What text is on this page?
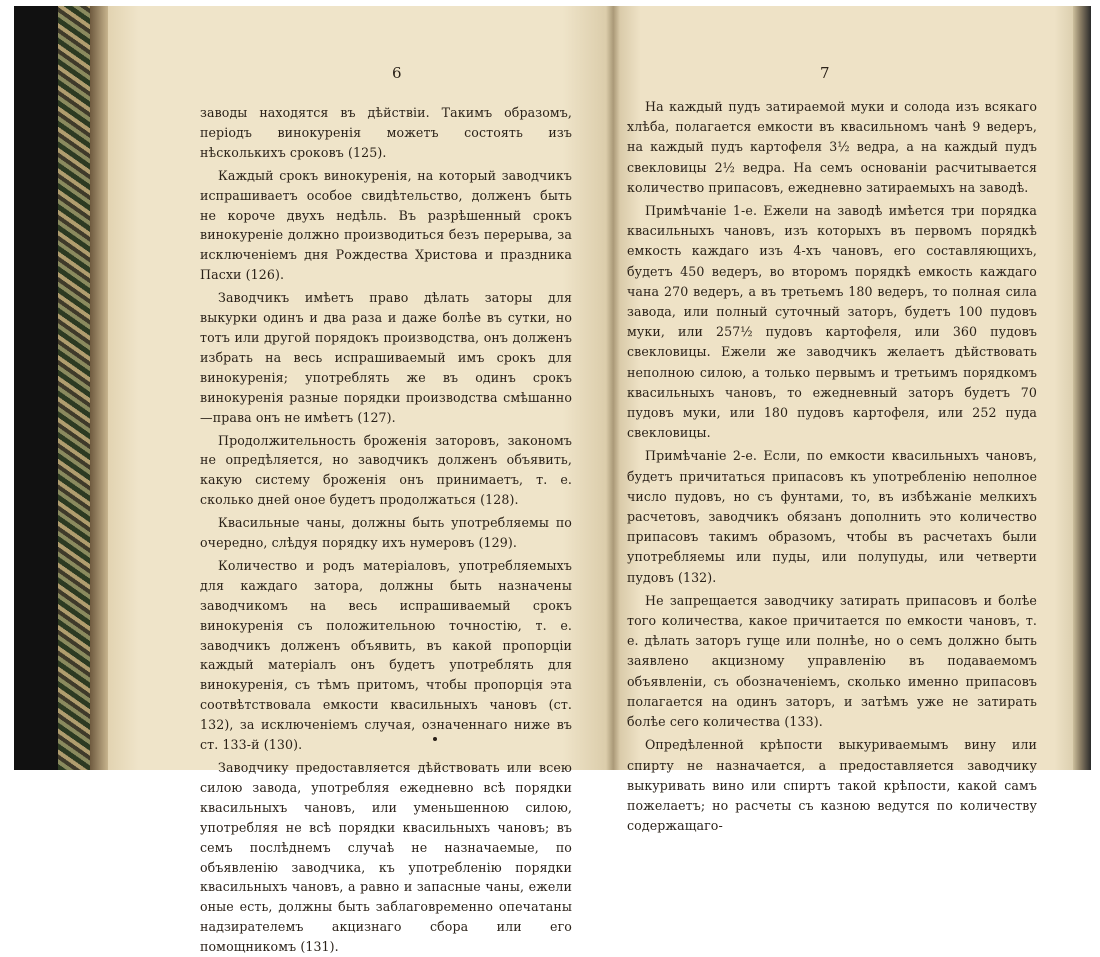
6

заводы находятся въ дѣйствіи. Такимъ образомъ, періодъ винокуренія можетъ состоять изъ нѣсколькихъ сроковъ (125).

Каждый срокъ винокуренія, на который заводчикъ испрашиваетъ особое свидѣтельство, долженъ быть не короче двухъ недѣль. Въ разрѣшенный срокъ винокуреніе должно производиться безъ перерыва, за исключеніемъ дня Рождества Христова и праздника Пасхи (126).

Заводчикъ имѣетъ право дѣлать заторы для выкурки одинъ и два раза и даже болѣе въ сутки, но тотъ или другой порядокъ производства, онъ долженъ избрать на весь испрашиваемый имъ срокъ для винокуренія; употреблять же въ одинъ срокъ винокуренія разные порядки производства смѣшанно—права онъ не имѣетъ (127).

Продолжительность броженія заторовъ, закономъ не опредѣляется, но заводчикъ долженъ объявить, какую систему броженія онъ принимаетъ, т. е. сколько дней оное будетъ продолжаться (128).

Квасильные чаны, должны быть употребляемы по очередно, слѣдуя порядку ихъ нумеровъ (129).

Количество и родъ матеріаловъ, употребляемыхъ для каждаго затора, должны быть назначены заводчикомъ на весь испрашиваемый срокъ винокуренія съ положительною точностію, т. е. заводчикъ долженъ объявить, въ какой пропорціи каждый матеріалъ онъ будетъ употреблять для винокуренія, съ тѣмъ притомъ, чтобы пропорція эта соотвѣтствовала емкости квасильныхъ чановъ (ст. 132), за исключеніемъ случая, означеннаго ниже въ ст. 133-й (130).

Заводчику предоставляется дѣйствовать или всею силою завода, употребляя ежедневно всѣ порядки квасильныхъ чановъ, или уменьшенною силою, употребляя не всѣ порядки квасильныхъ чановъ; въ семъ послѣднемъ случаѣ не назначаемые, по объявленію заводчика, къ употребленію порядки квасильныхъ чановъ, а равно и запасные чаны, ежели оные есть, должны быть заблаговременно опечатаны надзирателемъ акцизнаго сбора или его помощникомъ (131).

7

На каждый пудъ затираемой муки и солода изъ всякаго хлѣба, полагается емкости въ квасильномъ чанѣ 9 ведеръ, на каждый пудъ картофеля 3½ ведра, а на каждый пудъ свекловицы 2½ ведра. На семъ основаніи расчитывается количество припасовъ, ежедневно затираемыхъ на заводѣ.

Примѣчаніе 1-е. Ежели на заводѣ имѣется три порядка квасильныхъ чановъ, изъ которыхъ въ первомъ порядкѣ емкость каждаго изъ 4-хъ чановъ, его составляющихъ, будетъ 450 ведеръ, во второмъ порядкѣ емкость каждаго чана 270 ведеръ, а въ третьемъ 180 ведеръ, то полная сила завода, или полный суточный заторъ, будетъ 100 пудовъ муки, или 257½ пудовъ картофеля, или 360 пудовъ свекловицы. Ежели же заводчикъ желаетъ дѣйствовать неполною силою, а только первымъ и третьимъ порядкомъ квасильныхъ чановъ, то ежедневный заторъ будетъ 70 пудовъ муки, или 180 пудовъ картофеля, или 252 пуда свекловицы.

Примѣчаніе 2-е. Если, по емкости квасильныхъ чановъ, будетъ причитаться припасовъ къ употребленію неполное число пудовъ, но съ фунтами, то, въ избѣжаніе мелкихъ расчетовъ, заводчикъ обязанъ дополнить это количество припасовъ такимъ образомъ, чтобы въ расчетахъ были употребляемы или пуды, или полупуды, или четверти пудовъ (132).

Не запрещается заводчику затирать припасовъ и болѣе того количества, какое причитается по емкости чановъ, т. е. дѣлать заторъ гуще или полнѣе, но о семъ должно быть заявлено акцизному управленію въ подаваемомъ объявленіи, съ обозначеніемъ, сколько именно припасовъ полагается на одинъ заторъ, и затѣмъ уже не затирать болѣе сего количества (133).

Опредѣленной крѣпости выкуриваемымъ вину или спирту не назначается, а предоставляется заводчику выкуривать вино или спиртъ такой крѣпости, какой самъ пожелаетъ; но расчеты съ казною ведутся по количеству содержащаго-
